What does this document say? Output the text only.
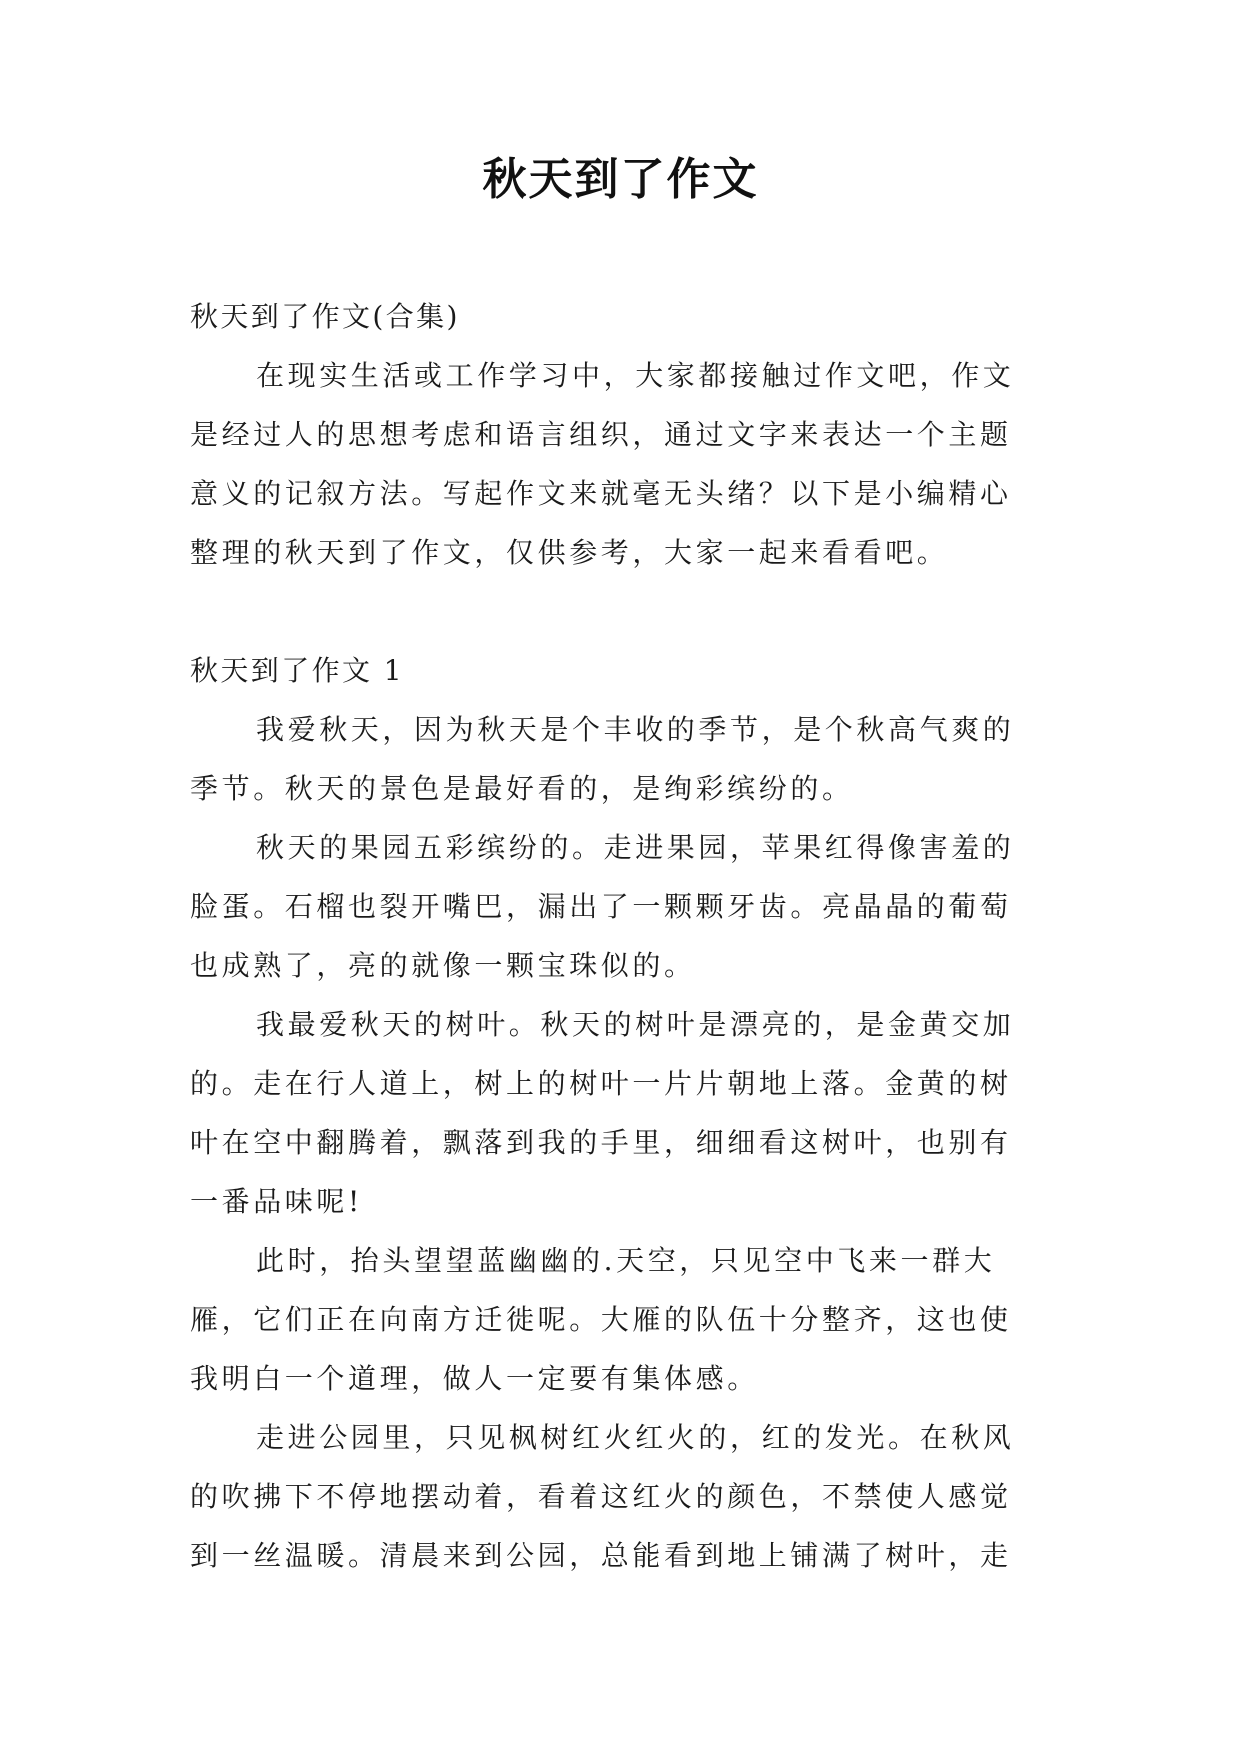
秋天到了作文
秋天到了作文(合集)
在现实生活或工作学习中，大家都接触过作文吧，作文
是经过人的思想考虑和语言组织，通过文字来表达一个主题
意义的记叙方法。写起作文来就毫无头绪？以下是小编精心
整理的秋天到了作文，仅供参考，大家一起来看看吧。
秋天到了作文 1
我爱秋天，因为秋天是个丰收的季节，是个秋高气爽的
季节。秋天的景色是最好看的，是绚彩缤纷的。
秋天的果园五彩缤纷的。走进果园，苹果红得像害羞的
脸蛋。石榴也裂开嘴巴，漏出了一颗颗牙齿。亮晶晶的葡萄
也成熟了，亮的就像一颗宝珠似的。
我最爱秋天的树叶。秋天的树叶是漂亮的，是金黄交加
的。走在行人道上，树上的树叶一片片朝地上落。金黄的树
叶在空中翻腾着，飘落到我的手里，细细看这树叶，也别有
一番品味呢!
此时，抬头望望蓝幽幽的.天空，只见空中飞来一群大
雁，它们正在向南方迁徙呢。大雁的队伍十分整齐，这也使
我明白一个道理，做人一定要有集体感。
走进公园里，只见枫树红火红火的，红的发光。在秋风
的吹拂下不停地摆动着，看着这红火的颜色，不禁使人感觉
到一丝温暖。清晨来到公园，总能看到地上铺满了树叶，走
